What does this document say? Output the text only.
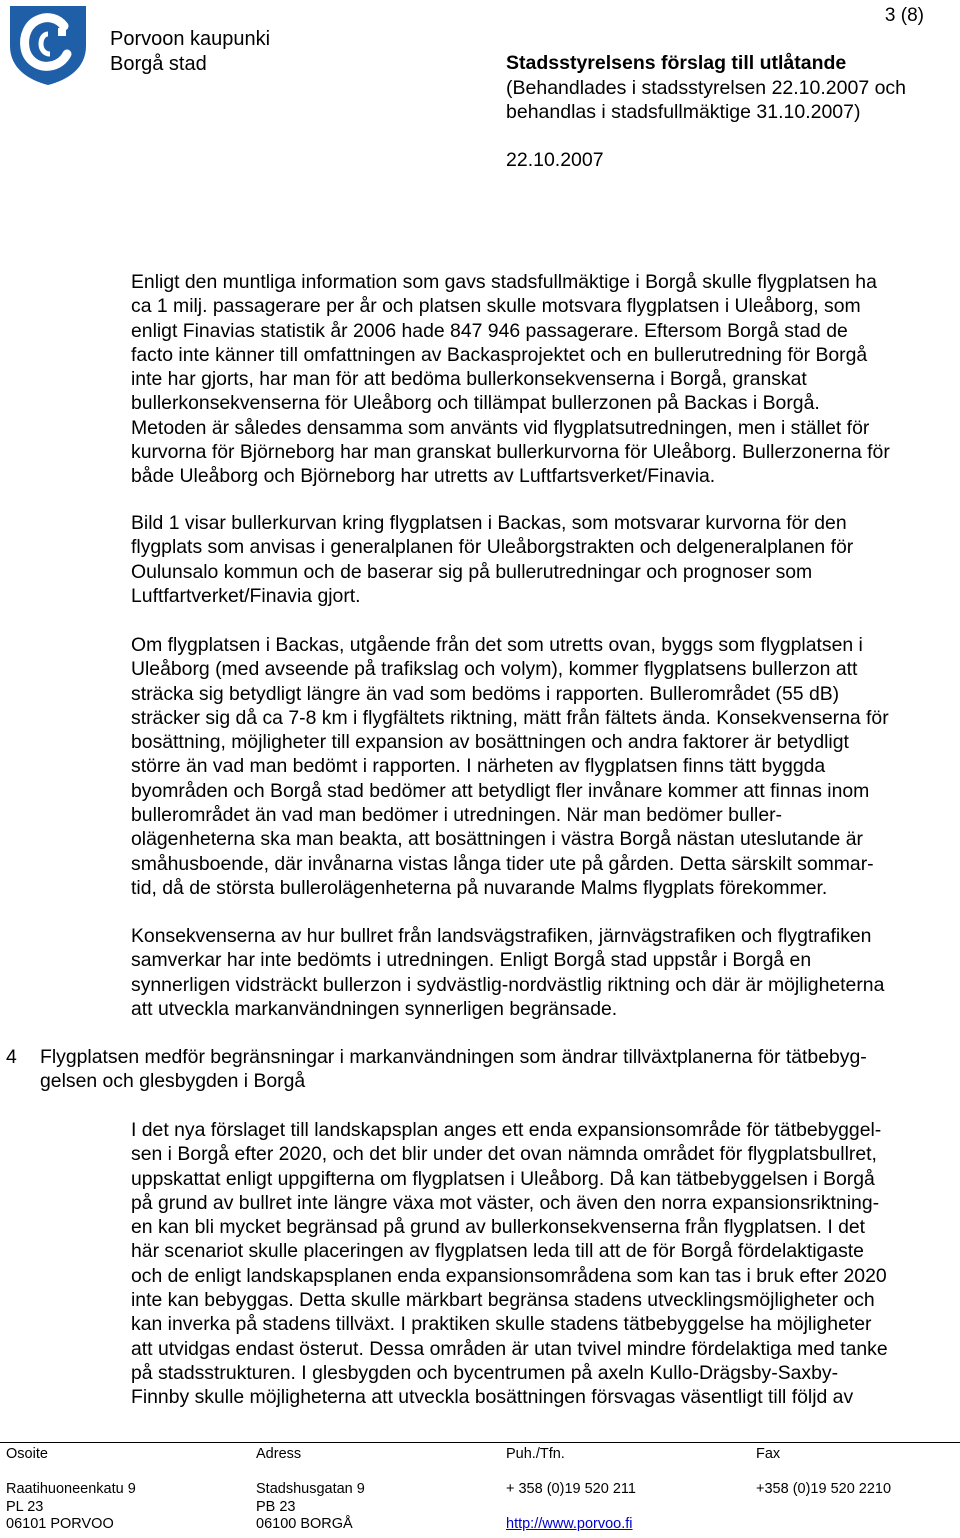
Porvoon kaupunki
Borgå stad
3 (8)
Stadsstyrelsens förslag till utlåtande
(Behandlades i stadsstyrelsen 22.10.2007 och
behandlas i stadsfullmäktige 31.10.2007)
22.10.2007
Enligt den muntliga information som gavs stadsfullmäktige i Borgå skulle flygplatsen ha
ca 1 milj. passagerare per år och platsen skulle motsvara flygplatsen i Uleåborg, som
enligt Finavias statistik år 2006 hade 847 946 passagerare. Eftersom Borgå stad de
facto inte känner till omfattningen av Backasprojektet och en bullerutredning för Borgå
inte har gjorts, har man för att bedöma bullerkonsekvenserna i Borgå, granskat
bullerkonsekvenserna för Uleåborg och tillämpat bullerzonen på Backas i Borgå.
Metoden är således densamma som använts vid flygplatsutredningen, men i stället för
kurvorna för Björneborg har man granskat bullerkurvorna för Uleåborg. Bullerzonerna för
både Uleåborg och Björneborg har utretts av Luftfartsverket/Finavia.
Bild 1 visar bullerkurvan kring flygplatsen i Backas, som motsvarar kurvorna för den
flygplats som anvisas i generalplanen för Uleåborgstrakten och delgeneralplanen för
Oulunsalo kommun och de baserar sig på bullerutredningar och prognoser som
Luftfartverket/Finavia gjort.
Om flygplatsen i Backas, utgående från det som utretts ovan, byggs som flygplatsen i
Uleåborg (med avseende på trafikslag och volym), kommer flygplatsens bullerzon att
sträcka sig betydligt längre än vad som bedöms i rapporten. Bullerområdet (55 dB)
sträcker sig då ca 7-8 km i flygfältets riktning, mätt från fältets ända. Konsekvenserna för
bosättning, möjligheter till expansion av bosättningen och andra faktorer är betydligt
större än vad man bedömt i rapporten. I närheten av flygplatsen finns tätt byggda
byområden och Borgå stad bedömer att betydligt fler invånare kommer att finnas inom
bullerområdet än vad man bedömer i utredningen. När man bedömer buller-
olägenheterna ska man beakta, att bosättningen i västra Borgå nästan uteslutande är
småhusboende, där invånarna vistas långa tider ute på gården. Detta särskilt sommar-
tid, då de största bullerolägenheterna på nuvarande Malms flygplats förekommer.
Konsekvenserna av hur bullret från landsvägstrafiken, järnvägstrafiken och flygtrafiken
samverkar har inte bedömts i utredningen. Enligt Borgå stad uppstår i Borgå en
synnerligen vidsträckt bullerzon i sydvästlig-nordvästlig riktning och där är möjligheterna
att utveckla markanvändningen synnerligen begränsade.
4 Flygplatsen medför begränsningar i markanvändningen som ändrar tillväxtplanerna för tätbebyg-
gelsen och glesbygden i Borgå
I det nya förslaget till landskapsplan anges ett enda expansionsområde för tätbebyggel-
sen i Borgå efter 2020, och det blir under det ovan nämnda området för flygplatsbullret,
uppskattat enligt uppgifterna om flygplatsen i Uleåborg. Då kan tätbebyggelsen i Borgå
på grund av bullret inte längre växa mot väster, och även den norra expansionsriktning-
en kan bli mycket begränsad på grund av bullerkonsekvenserna från flygplatsen. I det
här scenariot skulle placeringen av flygplatsen leda till att de för Borgå fördelaktigaste
och de enligt landskapsplanen enda expansionsområdena som kan tas i bruk efter 2020
inte kan bebyggas. Detta skulle märkbart begränsa stadens utvecklingsmöjligheter och
kan inverka på stadens tillväxt. I praktiken skulle stadens tätbebyggelse ha möjligheter
att utvidgas endast österut. Dessa områden är utan tvivel mindre fördelaktiga med tanke
på stadsstrukturen. I glesbygden och bycentrumen på axeln Kullo-Drägsby-Saxby-
Finnby skulle möjligheterna att utveckla bosättningen försvagas väsentligt till följd av
Osoite
Raatihuoneenkatu 9
PL 23
06101 PORVOO
Adress
Stadshusgatan 9
PB 23
06100 BORGÅ
Puh./Tfn.
+ 358 (0)19 520 211
http://www.porvoo.fi
Fax
+358 (0)19 520 2210
